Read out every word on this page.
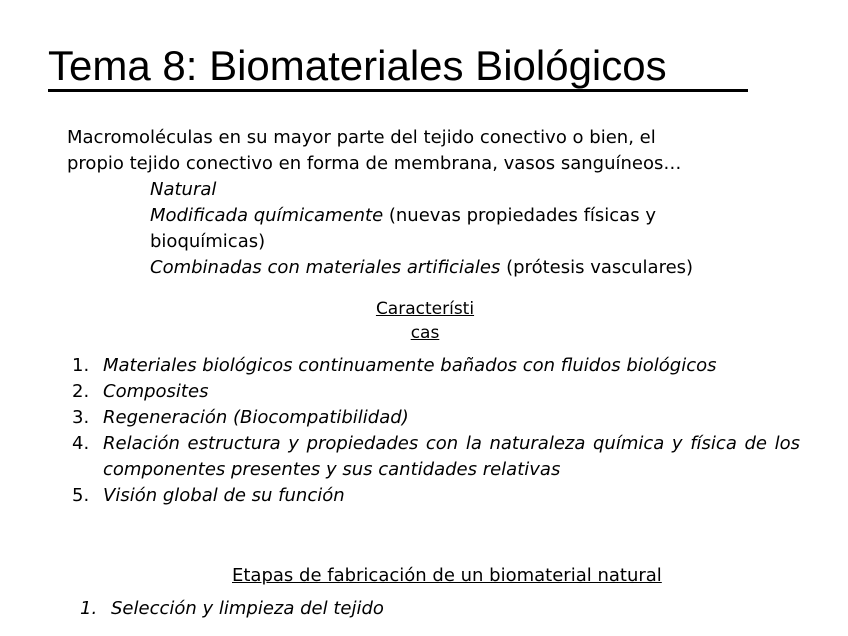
Tema 8: Biomateriales Biológicos

Macromoléculas en su mayor parte del tejido conectivo o bien, el

propio tejido conectivo en forma de membrana, vasos sanguíneos…

Natural

Modificada químicamente (nuevas propiedades físicas y bioquímicas)

Combinadas con materiales artificiales (prótesis vasculares)

Característi
cas
1. Materiales biológicos continuamente bañados con fluidos biológicos
2. Composites
3. Regeneración (Biocompatibilidad)
4. Relación estructura y propiedades con la naturaleza química y física de los
componentes presentes y sus cantidades relativas
5. Visión global de su función
Etapas de fabricación de un biomaterial natural
1. Selección y limpieza del tejido
